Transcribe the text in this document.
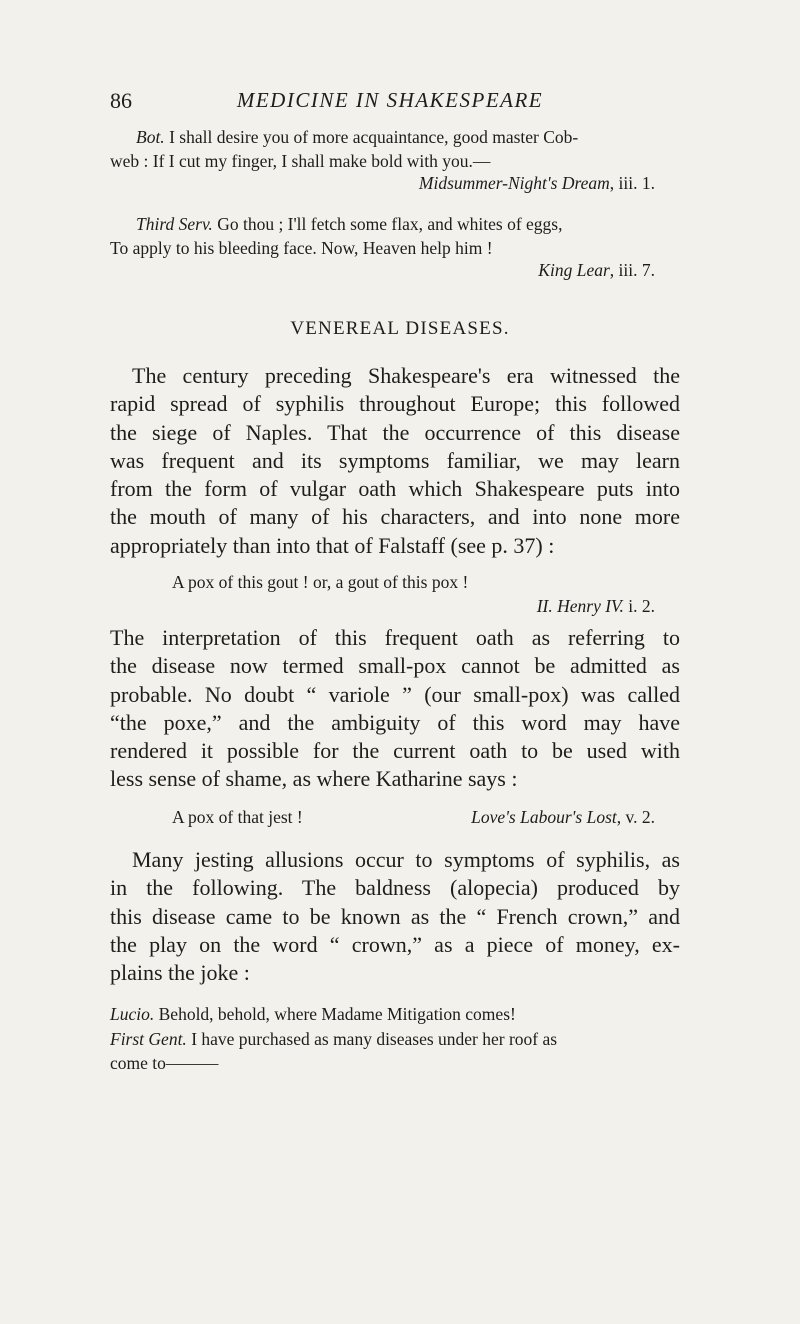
86	MEDICINE IN SHAKESPEARE
Bot. I shall desire you of more acquaintance, good master Cob-
web : If I cut my finger, I shall make bold with you.—
Midsummer-Night's Dream, iii. 1.
Third Serv. Go thou ; I'll fetch some flax, and whites of eggs,
To apply to his bleeding face. Now, Heaven help him !
King Lear, iii. 7.
VENEREAL DISEASES.
The century preceding Shakespeare's era witnessed the
rapid spread of syphilis throughout Europe; this followed
the siege of Naples. That the occurrence of this disease
was frequent and its symptoms familiar, we may learn
from the form of vulgar oath which Shakespeare puts into
the mouth of many of his characters, and into none more
appropriately than into that of Falstaff (see p. 37) :
A pox of this gout ! or, a gout of this pox !
II. Henry IV. i. 2.
The interpretation of this frequent oath as referring to
the disease now termed small-pox cannot be admitted as
probable. No doubt “ variole ” (our small-pox) was called
“the poxe,” and the ambiguity of this word may have
rendered it possible for the current oath to be used with
less sense of shame, as where Katharine says :
A pox of that jest !	Love's Labour's Lost, v. 2.
Many jesting allusions occur to symptoms of syphilis, as
in the following. The baldness (alopecia) produced by
this disease came to be known as the “ French crown,” and
the play on the word “ crown,” as a piece of money, ex-
plains the joke :
Lucio. Behold, behold, where Madame Mitigation comes!
First Gent. I have purchased as many diseases under her roof as
come to———
